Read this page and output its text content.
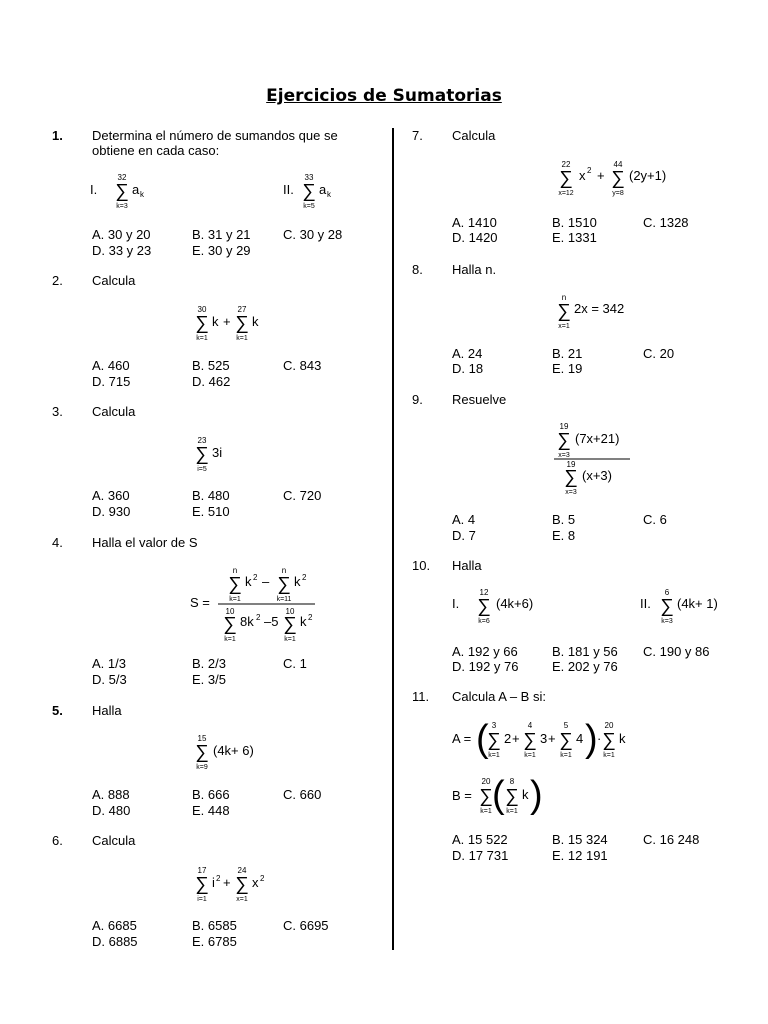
Ejercicios de Sumatorias
1. Determina el número de sumandos que se
obtiene en cada caso:
I.
32
∑
k=3
a k	II.
33
∑
k=5
a k
A. 30 y 20	B. 31 y 21 C. 30 y 28
D. 33 y 23	E. 30 y 29
2. Calcula
30
∑
k=1
k +
27
∑
k=1
k
A. 460	B. 525	C. 843
D. 715	D. 462
3. Calcula
23
∑
i=5
3i
A. 360	B. 480	C. 720
D. 930	E. 510
4. Halla el valor de S
S =
n
∑
k=1
k 2 –
n
∑
k=11
k 2
10
∑
k=1
8k 2 –5
10
∑
k=1
k 2
A. 1/3	B. 2/3	C. 1
D. 5/3	E. 3/5
5. Halla
15
∑
k=9
(4k+ 6)
A. 888	B. 666	C. 660
D. 480	E. 448
6. Calcula
17
∑
i=1
i 2 +
24
∑
x=1
x 2
A. 6685	B. 6585	C. 6695
D. 6885	E. 6785
7. Calcula
22
∑
x=12
x 2 +
44
∑
y=8
(2y+1)
A. 1410	B. 1510	C. 1328
D. 1420	E. 1331
8. Halla n.
n
∑
x=1
2x = 342
A. 24	B. 21	C. 20
D. 18	E. 19
9. Resuelve
19
∑
x=3
(7x+21)
19
∑
x=3
(x+3)
A. 4	B. 5	C. 6
D. 7	E. 8
10. Halla
I.
12
∑
k=6
(4k+6)	II.
6
∑
k=3
(4k+ 1)
A. 192 y 66	B. 181 y 56 C. 190 y 86
D. 192 y 76	E. 202 y 76
11. Calcula A – B si:
A = ( 3
∑
k=1
2 +
4
∑
k=1
3 +
5
∑
k=1
4 ) ·
20
∑
k=1
k
B =
20
∑
k=1 ( 8
∑
k=1
k )
A. 15 522	B. 15 324	C. 16 248
D. 17 731	E. 12 191
